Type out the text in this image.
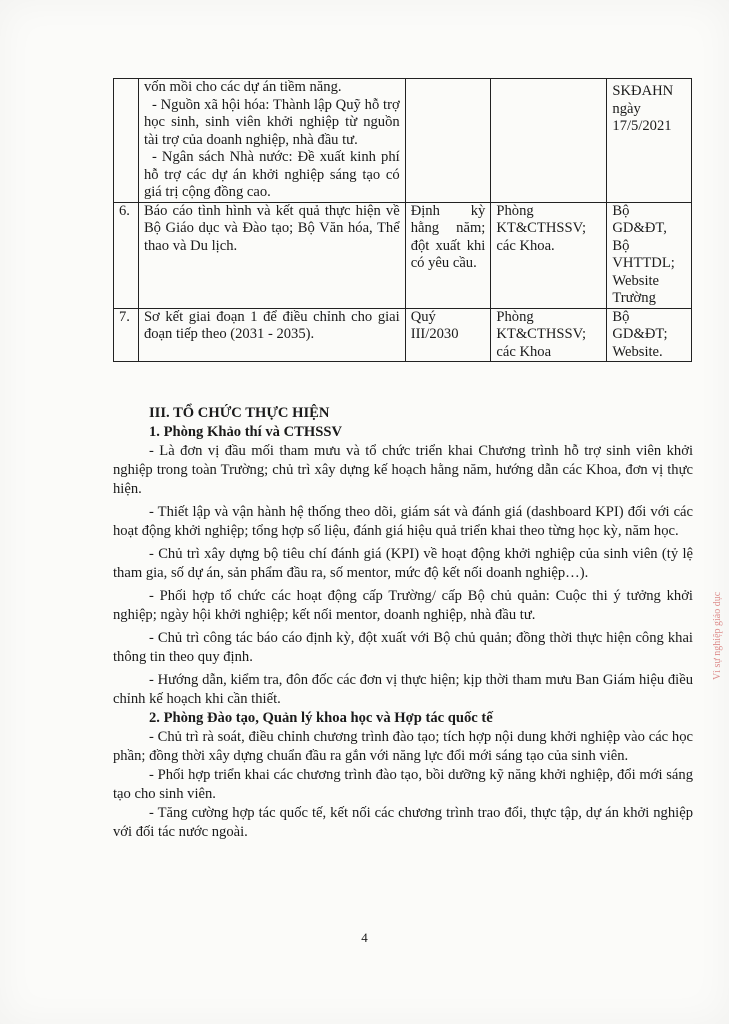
	vốn mồi cho các dự án tiềm năng.
- Nguồn xã hội hóa: Thành lập Quỹ hỗ trợ học sinh, sinh viên khởi nghiệp từ nguồn tài trợ của doanh nghiệp, nhà đầu tư.
- Ngân sách Nhà nước: Đề xuất kinh phí hỗ trợ các dự án khởi nghiệp sáng tạo có giá trị cộng đồng cao.			SKĐAHN ngày 17/5/2021
6.	Báo cáo tình hình và kết quả thực hiện về Bộ Giáo dục và Đào tạo; Bộ Văn hóa, Thể thao và Du lịch.	Định kỳ hằng năm; đột xuất khi có yêu cầu.	Phòng KT&CTHSSV; các Khoa.	Bộ GD&ĐT, Bộ VHTTDL; Website Trường
7.	Sơ kết giai đoạn 1 để điều chỉnh cho giai đoạn tiếp theo (2031 - 2035).	Quý III/2030	Phòng KT&CTHSSV; các Khoa	Bộ GD&ĐT; Website.
III. TỔ CHỨC THỰC HIỆN
1. Phòng Khảo thí và CTHSSV

- Là đơn vị đầu mối tham mưu và tổ chức triển khai Chương trình hỗ trợ sinh viên khởi nghiệp trong toàn Trường; chủ trì xây dựng kế hoạch hằng năm, hướng dẫn các Khoa, đơn vị thực hiện.

- Thiết lập và vận hành hệ thống theo dõi, giám sát và đánh giá (dashboard KPI) đối với các hoạt động khởi nghiệp; tổng hợp số liệu, đánh giá hiệu quả triển khai theo từng học kỳ, năm học.

- Chủ trì xây dựng bộ tiêu chí đánh giá (KPI) về hoạt động khởi nghiệp của sinh viên (tỷ lệ tham gia, số dự án, sản phẩm đầu ra, số mentor, mức độ kết nối doanh nghiệp…).

- Phối hợp tổ chức các hoạt động cấp Trường/ cấp Bộ chủ quản: Cuộc thi ý tưởng khởi nghiệp; ngày hội khởi nghiệp; kết nối mentor, doanh nghiệp, nhà đầu tư.

- Chủ trì công tác báo cáo định kỳ, đột xuất với Bộ chủ quản; đồng thời thực hiện công khai thông tin theo quy định.

- Hướng dẫn, kiểm tra, đôn đốc các đơn vị thực hiện; kịp thời tham mưu Ban Giám hiệu điều chỉnh kế hoạch khi cần thiết.

2. Phòng Đào tạo, Quản lý khoa học và Hợp tác quốc tế

- Chủ trì rà soát, điều chỉnh chương trình đào tạo; tích hợp nội dung khởi nghiệp vào các học phần; đồng thời xây dựng chuẩn đầu ra gắn với năng lực đổi mới sáng tạo của sinh viên.

- Phối hợp triển khai các chương trình đào tạo, bồi dưỡng kỹ năng khởi nghiệp, đổi mới sáng tạo cho sinh viên.

- Tăng cường hợp tác quốc tế, kết nối các chương trình trao đổi, thực tập, dự án khởi nghiệp với đối tác nước ngoài.

4
Vì sự nghiệp giáo dục
